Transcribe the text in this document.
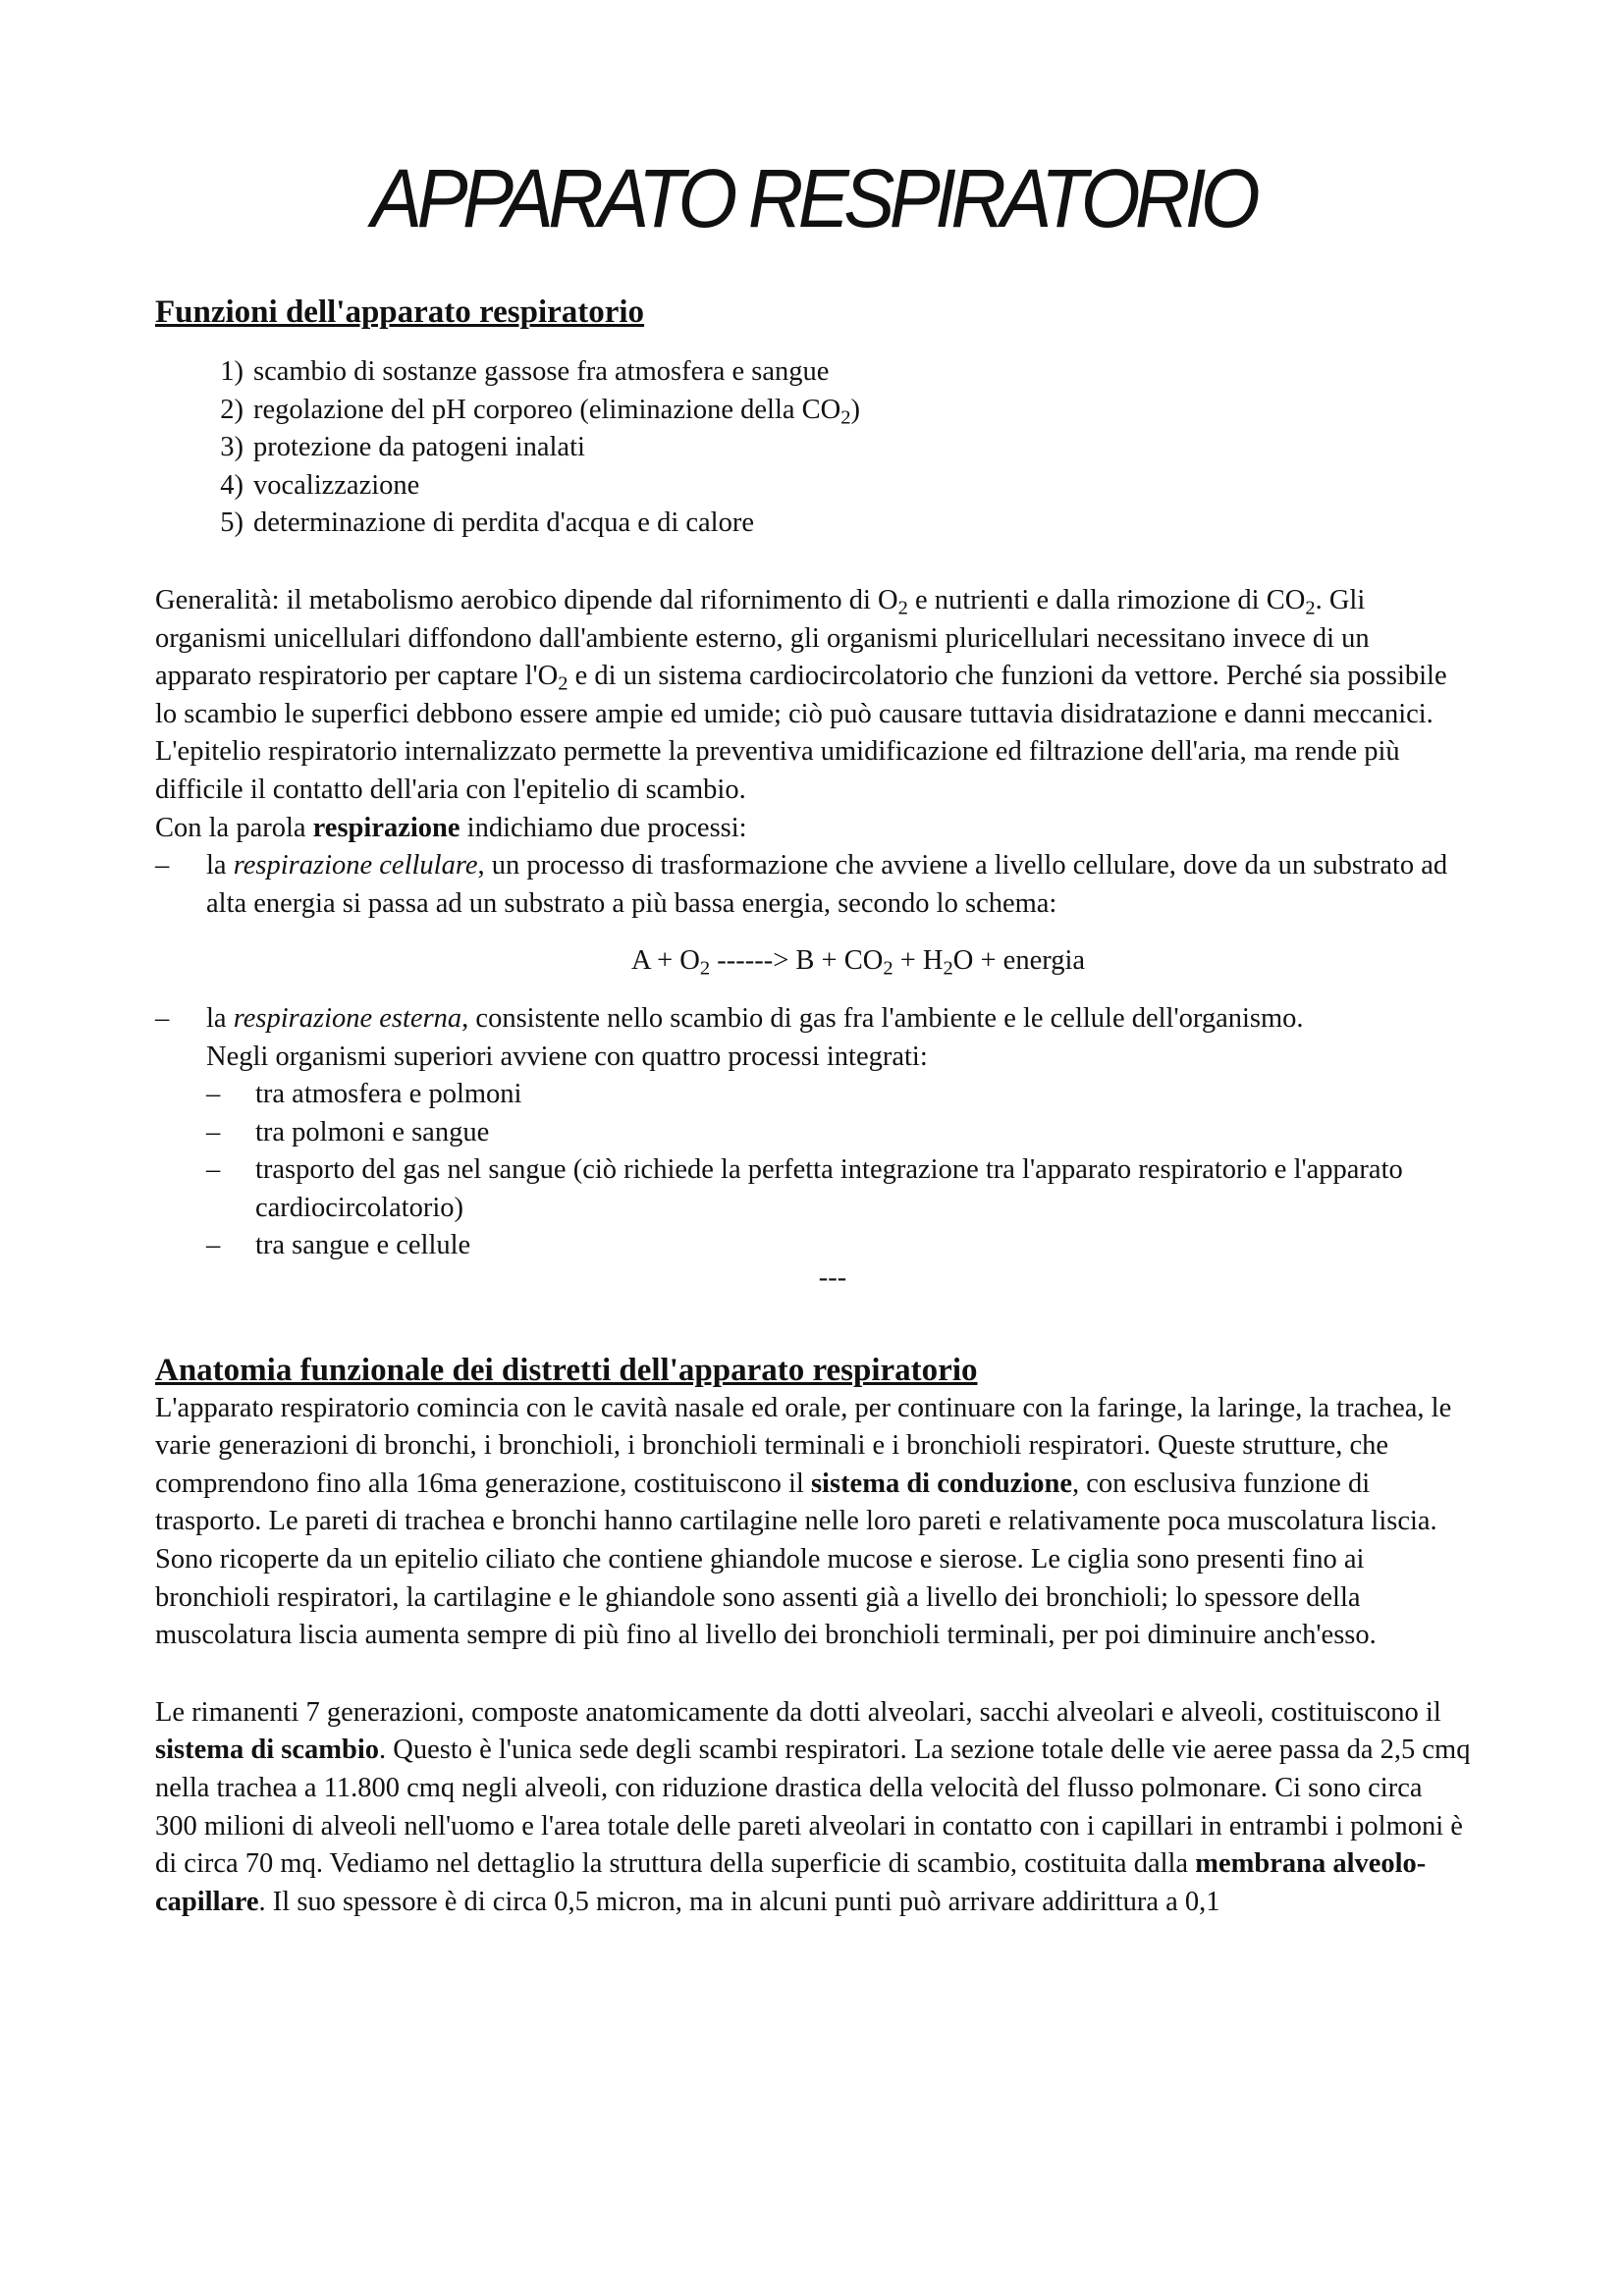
APPARATO RESPIRATORIO
Funzioni dell'apparato respiratorio
1) scambio di sostanze gassose fra atmosfera e sangue
2) regolazione del pH corporeo (eliminazione della $CO_2$)
3) protezione da patogeni inalati
4) vocalizzazione
5) determinazione di perdita d'acqua e di calore

Generalità: il metabolismo aerobico dipende dal rifornimento di $O_2$ e nutrienti e dalla rimozione di $CO_2$. Gli organismi unicellulari diffondono dall'ambiente esterno, gli organismi pluricellulari necessitano invece di un apparato respiratorio per captare $l'O_2$ e di un sistema cardiocircolatorio che funzioni da vettore. Perché sia possibile lo scambio le superfici debbono essere ampie ed umide; ciò può causare tuttavia disidratazione e danni meccanici. L'epitelio respiratorio internalizzato permette la preventiva umidificazione ed filtrazione dell'aria, ma rende più difficile il contatto dell'aria con l'epitelio di scambio.

Con la parola respirazione indichiamo due processi:

– la respirazione cellulare, un processo di trasformazione che avviene a livello cellulare, dove da un substrato ad alta energia si passa ad un substrato a più bassa energia, secondo lo schema:
$A + O_2$ ------> $B + CO_2 + H_2O$ + energia
– la respirazione esterna, consistente nello scambio di gas fra l'ambiente e le cellule dell'organismo.
Negli organismi superiori avviene con quattro processi integrati:
– tra atmosfera e polmoni
– tra polmoni e sangue
– trasporto del gas nel sangue (ciò richiede la perfetta integrazione tra l'apparato respiratorio e l'apparato cardiocircolatorio)
– tra sangue e cellule
---
Anatomia funzionale dei distretti dell'apparato respiratorio

L'apparato respiratorio comincia con le cavità nasale ed orale, per continuare con la faringe, la laringe, la trachea, le varie generazioni di bronchi, i bronchioli, i bronchioli terminali e i bronchioli respiratori. Queste strutture, che comprendono fino alla 16ma generazione, costituiscono il sistema di conduzione, con esclusiva funzione di trasporto. Le pareti di trachea e bronchi hanno cartilagine nelle loro pareti e relativamente poca muscolatura liscia. Sono ricoperte da un epitelio ciliato che contiene ghiandole mucose e sierose. Le ciglia sono presenti fino ai bronchioli respiratori, la cartilagine e le ghiandole sono assenti già a livello dei bronchioli; lo spessore della muscolatura liscia aumenta sempre di più fino al livello dei bronchioli terminali, per poi diminuire anch'esso.

Le rimanenti 7 generazioni, composte anatomicamente da dotti alveolari, sacchi alveolari e alveoli, costituiscono il sistema di scambio. Questo è l'unica sede degli scambi respiratori. La sezione totale delle vie aeree passa da 2,5 cmq nella trachea a 11.800 cmq negli alveoli, con riduzione drastica della velocità del flusso polmonare. Ci sono circa 300 milioni di alveoli nell'uomo e l'area totale delle pareti alveolari in contatto con i capillari in entrambi i polmoni è di circa 70 mq. Vediamo nel dettaglio la struttura della superficie di scambio, costituita dalla membrana alveolo-capillare. Il suo spessore è di circa 0,5 micron, ma in alcuni punti può arrivare addirittura a 0,1
